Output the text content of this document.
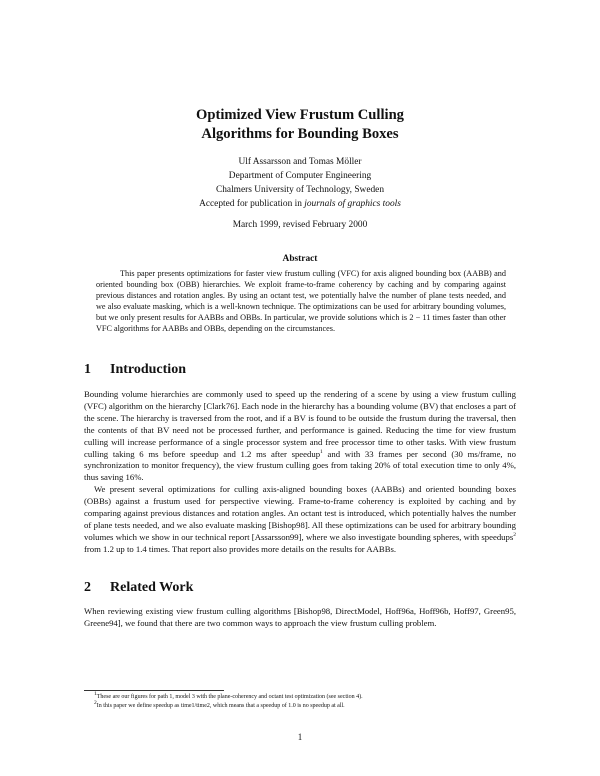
Optimized View Frustum Culling
Algorithms for Bounding Boxes
Ulf Assarsson and Tomas Möller
Department of Computer Engineering
Chalmers University of Technology, Sweden
Accepted for publication in journals of graphics tools
March 1999, revised February 2000
Abstract

This paper presents optimizations for faster view frustum culling (VFC) for axis aligned bounding box (AABB) and oriented bounding box (OBB) hierarchies. We exploit frame-to-frame coherency by caching and by comparing against previous distances and rotation angles. By using an octant test, we potentially halve the number of plane tests needed, and we also evaluate masking, which is a well-known technique. The optimizations can be used for arbitrary bounding volumes, but we only present results for AABBs and OBBs. In particular, we provide solutions which is 2 − 11 times faster than other VFC algorithms for AABBs and OBBs, depending on the circumstances.

1 Introduction

Bounding volume hierarchies are commonly used to speed up the rendering of a scene by using a view frustum culling (VFC) algorithm on the hierarchy [Clark76]. Each node in the hierarchy has a bounding volume (BV) that encloses a part of the scene. The hierarchy is traversed from the root, and if a BV is found to be outside the frustum during the traversal, then the contents of that BV need not be processed further, and performance is gained. Reducing the time for view frustum culling will increase performance of a single processor system and free processor time to other tasks. With view frustum culling taking 6 ms before speedup and 1.2 ms after speedup$^1$ and with 33 frames per second (30 ms/frame, no synchronization to monitor frequency), the view frustum culling goes from taking 20% of total execution time to only 4%, thus saving 16%.

We present several optimizations for culling axis-aligned bounding boxes (AABBs) and oriented bounding boxes (OBBs) against a frustum used for perspective viewing. Frame-to-frame coherency is exploited by caching and by comparing against previous distances and rotation angles. An octant test is introduced, which potentially halves the number of plane tests needed, and we also evaluate masking [Bishop98]. All these optimizations can be used for arbitrary bounding volumes which we show in our technical report [Assarsson99], where we also investigate bounding spheres, with speedups$^2$ from 1.2 up to 1.4 times. That report also provides more details on the results for AABBs.

2 Related Work

When reviewing existing view frustum culling algorithms [Bishop98, DirectModel, Hoff96a, Hoff96b, Hoff97, Green95, Greene94], we found that there are two common ways to approach the view frustum culling problem.

$^1$These are our figures for path 1, model 3 with the plane-coherency and octant test optimization (see section 4).
$^2$In this paper we define speedup as time1/time2, which means that a speedup of 1.0 is no speedup at all.
1
